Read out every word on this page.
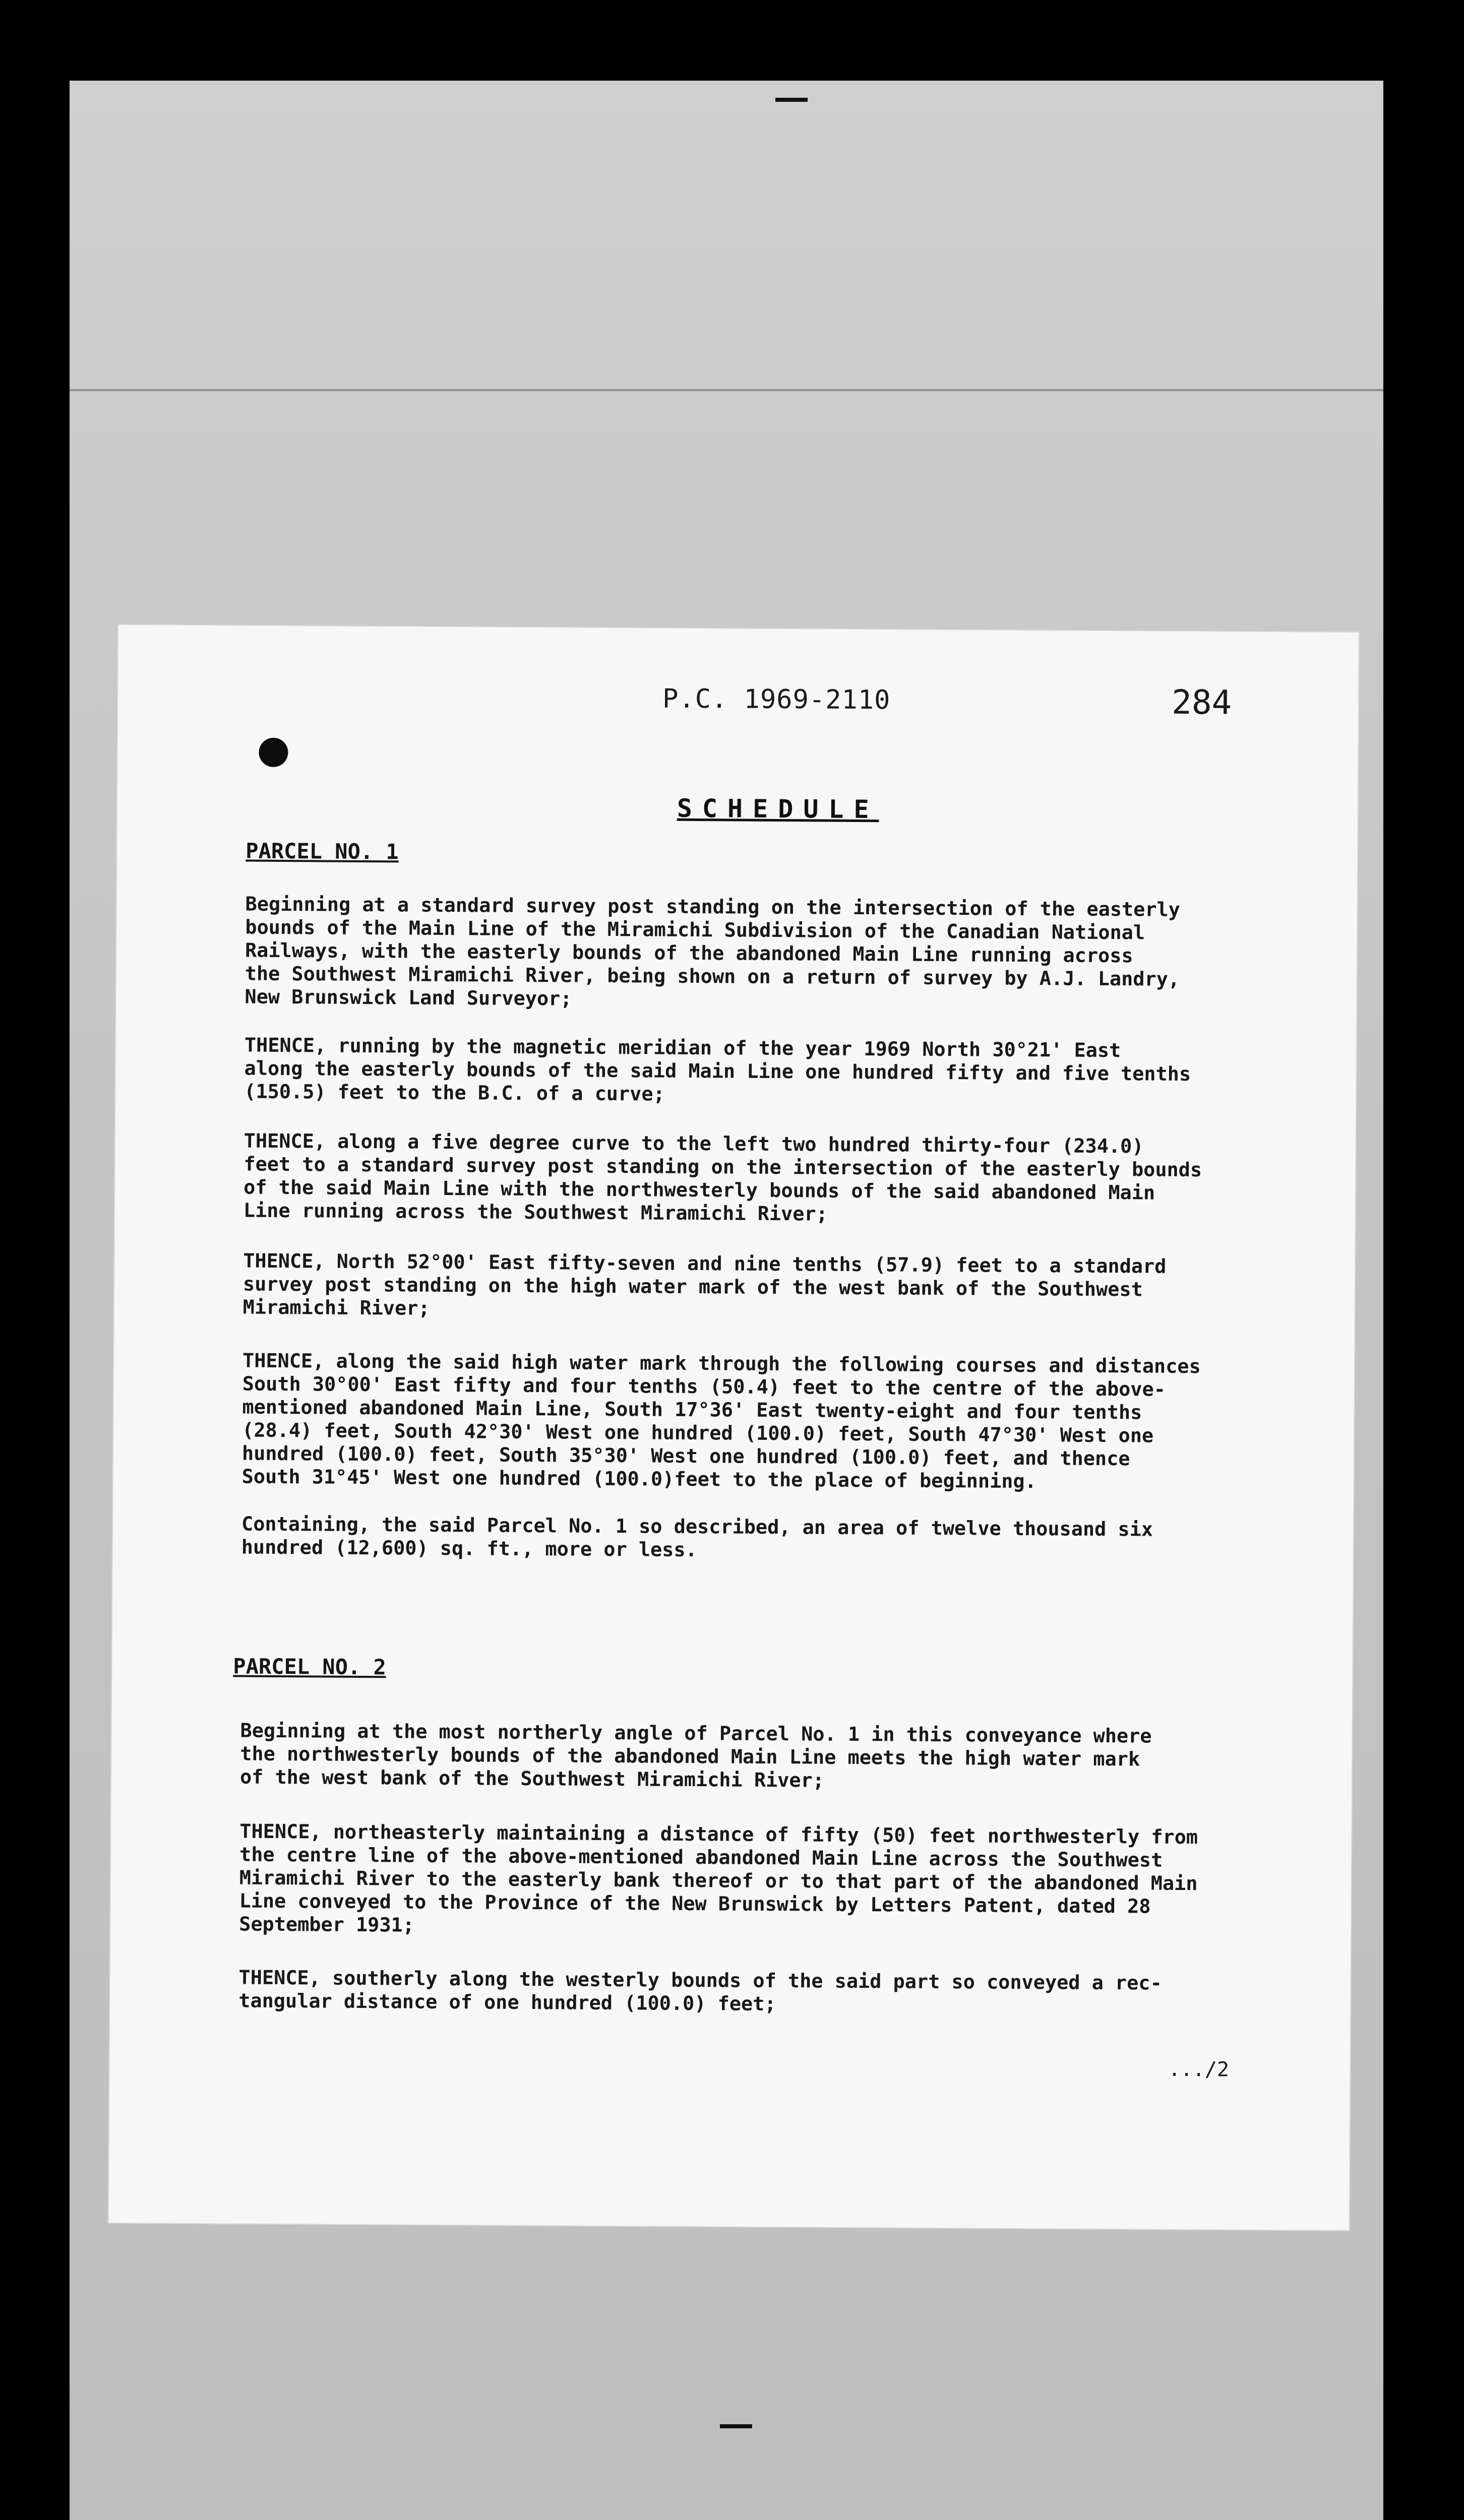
P.C. 1969-2110	284
SCHEDULE
PARCEL NO. 1

Beginning at a standard survey post standing on the intersection of the easterly
bounds of the Main Line of the Miramichi Subdivision of the Canadian National
Railways, with the easterly bounds of the abandoned Main Line running across
the Southwest Miramichi River, being shown on a return of survey by A.J. Landry,
New Brunswick Land Surveyor;

THENCE, running by the magnetic meridian of the year 1969 North 30°21' East
along the easterly bounds of the said Main Line one hundred fifty and five tenths
(150.5) feet to the B.C. of a curve;

THENCE, along a five degree curve to the left two hundred thirty-four (234.0)
feet to a standard survey post standing on the intersection of the easterly bounds
of the said Main Line with the northwesterly bounds of the said abandoned Main
Line running across the Southwest Miramichi River;

THENCE, North 52°00' East fifty-seven and nine tenths (57.9) feet to a standard
survey post standing on the high water mark of the west bank of the Southwest
Miramichi River;

THENCE, along the said high water mark through the following courses and distances
South 30°00' East fifty and four tenths (50.4) feet to the centre of the above-
mentioned abandoned Main Line, South 17°36' East twenty-eight and four tenths
(28.4) feet, South 42°30' West one hundred (100.0) feet, South 47°30' West one
hundred (100.0) feet, South 35°30' West one hundred (100.0) feet, and thence
South 31°45' West one hundred (100.0)feet to the place of beginning.

Containing, the said Parcel No. 1 so described, an area of twelve thousand six
hundred (12,600) sq. ft., more or less.

PARCEL NO. 2

Beginning at the most northerly angle of Parcel No. 1 in this conveyance where
the northwesterly bounds of the abandoned Main Line meets the high water mark
of the west bank of the Southwest Miramichi River;

THENCE, northeasterly maintaining a distance of fifty (50) feet northwesterly from
the centre line of the above-mentioned abandoned Main Line across the Southwest
Miramichi River to the easterly bank thereof or to that part of the abandoned Main
Line conveyed to the Province of the New Brunswick by Letters Patent, dated 28
September 1931;

THENCE, southerly along the westerly bounds of the said part so conveyed a rec-
tangular distance of one hundred (100.0) feet;

.../2
